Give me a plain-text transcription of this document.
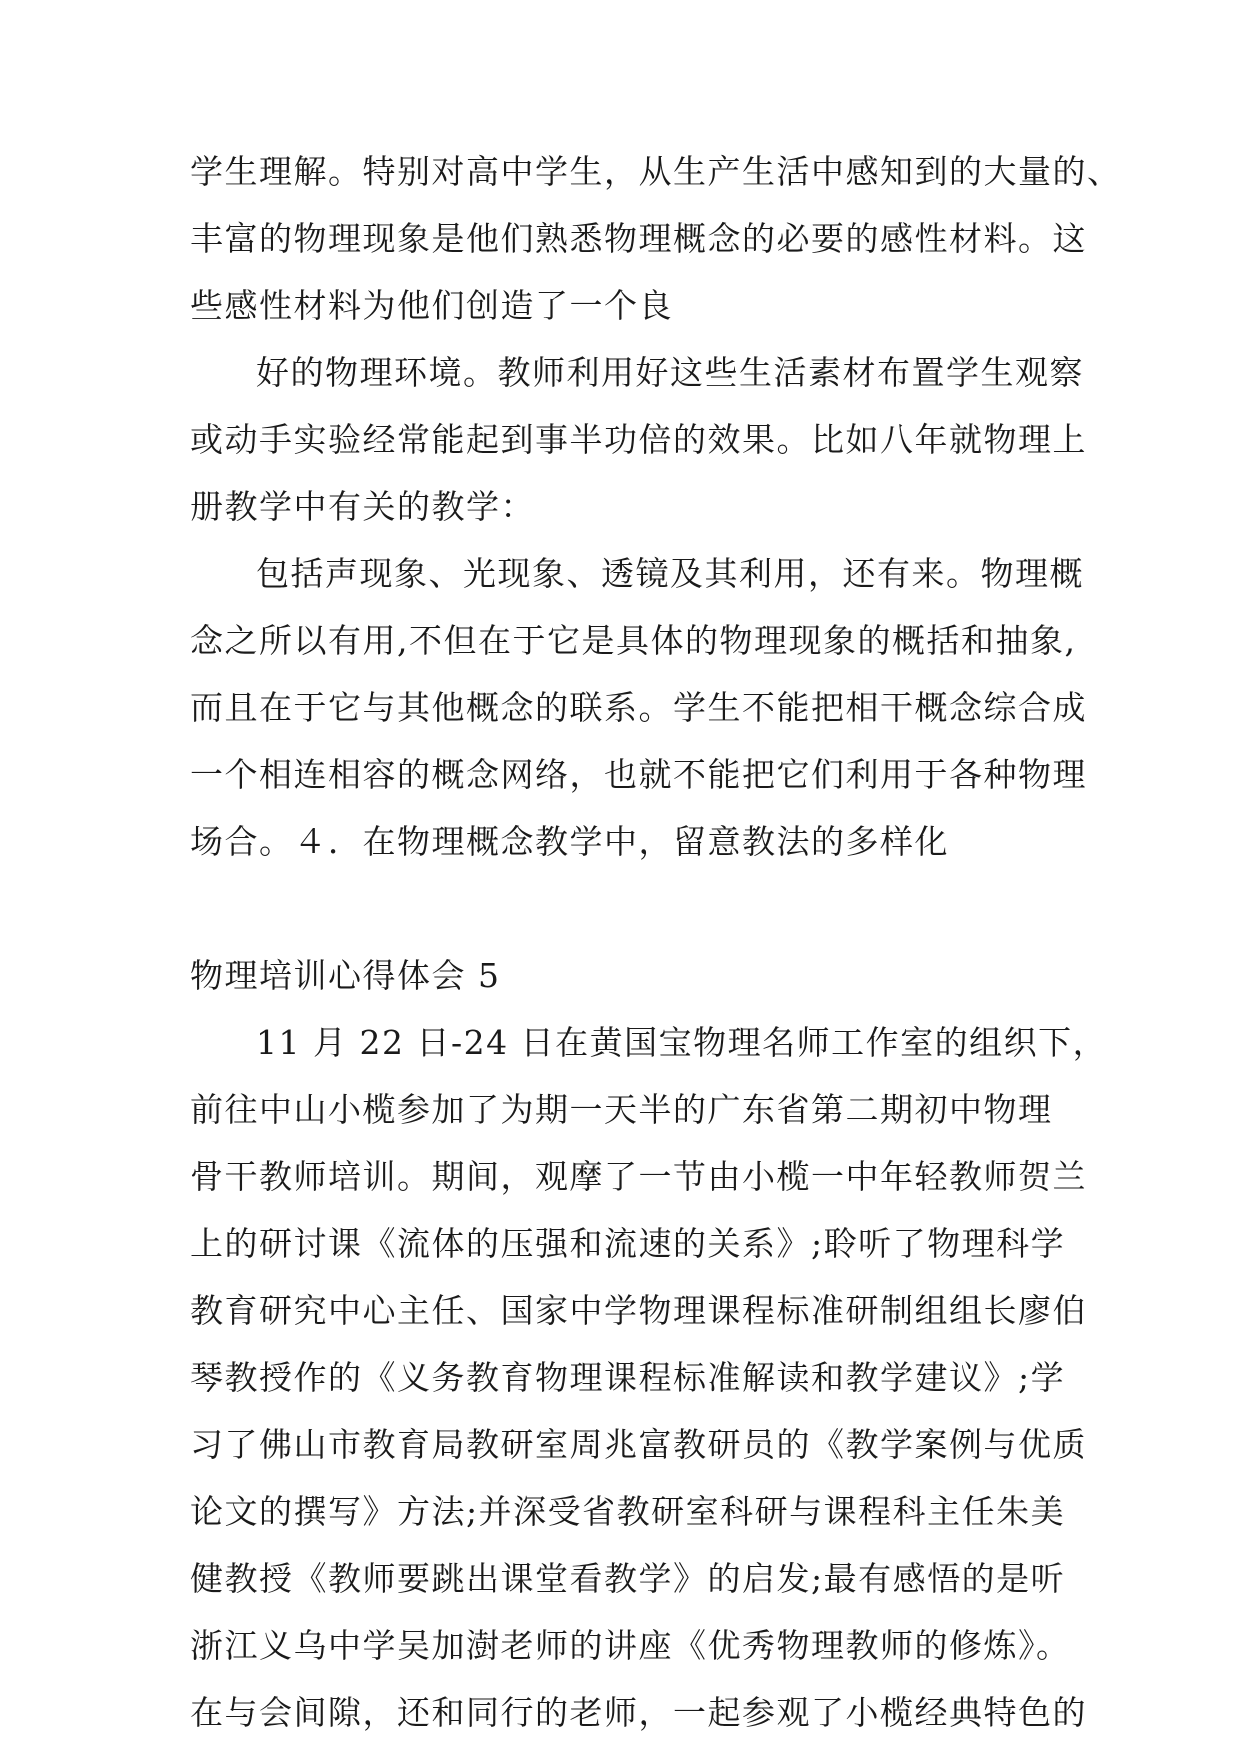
学生理解。特别对高中学生，从生产生活中感知到的大量的、
丰富的物理现象是他们熟悉物理概念的必要的感性材料。这
些感性材料为他们创造了一个良
好的物理环境。教师利用好这些生活素材布置学生观察
或动手实验经常能起到事半功倍的效果。比如八年就物理上
册教学中有关的教学：
包括声现象、光现象、透镜及其利用，还有来。物理概
念之所以有用,不但在于它是具体的物理现象的概括和抽象,
而且在于它与其他概念的联系。学生不能把相干概念综合成
一个相连相容的概念网络，也就不能把它们利用于各种物理
场合。４．在物理概念教学中，留意教法的多样化
物理培训心得体会 5
11 月 22 日-24 日在黄国宝物理名师工作室的组织下，
前往中山小榄参加了为期一天半的广东省第二期初中物理
骨干教师培训。期间，观摩了一节由小榄一中年轻教师贺兰
上的研讨课《流体的压强和流速的关系》;聆听了物理科学
教育研究中心主任、国家中学物理课程标准研制组组长廖伯
琴教授作的《义务教育物理课程标准解读和教学建议》;学
习了佛山市教育局教研室周兆富教研员的《教学案例与优质
论文的撰写》方法;并深受省教研室科研与课程科主任朱美
健教授《教师要跳出课堂看教学》的启发;最有感悟的是听
浙江义乌中学吴加澍老师的讲座《优秀物理教师的修炼》。
在与会间隙，还和同行的老师，一起参观了小榄经典特色的
